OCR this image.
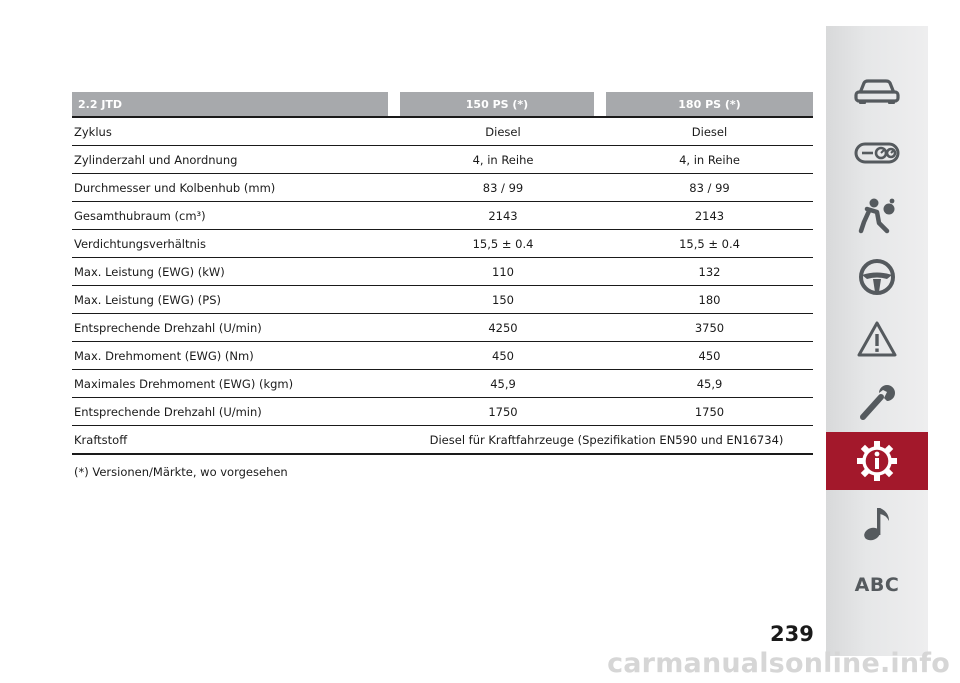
2.2 JTD	150 PS (*)	180 PS (*)
Zyklus	Diesel	Diesel
Zylinderzahl und Anordnung	4, in Reihe	4, in Reihe
Durchmesser und Kolbenhub (mm)	83 / 99	83 / 99
Gesamthubraum (cm³)	2143	2143
Verdichtungsverhältnis	15,5 ± 0.4	15,5 ± 0.4
Max. Leistung (EWG) (kW)	110	132
Max. Leistung (EWG) (PS)	150	180
Entsprechende Drehzahl (U/min)	4250	3750
Max. Drehmoment (EWG) (Nm)	450	450
Maximales Drehmoment (EWG) (kgm)	45,9	45,9
Entsprechende Drehzahl (U/min)	1750	1750
Kraftstoff	Diesel für Kraftfahrzeuge (Spezifikation EN590 und EN16734)	
(*) Versionen/Märkte, wo vorgesehen
239
ABC
carmanualsonline.info
